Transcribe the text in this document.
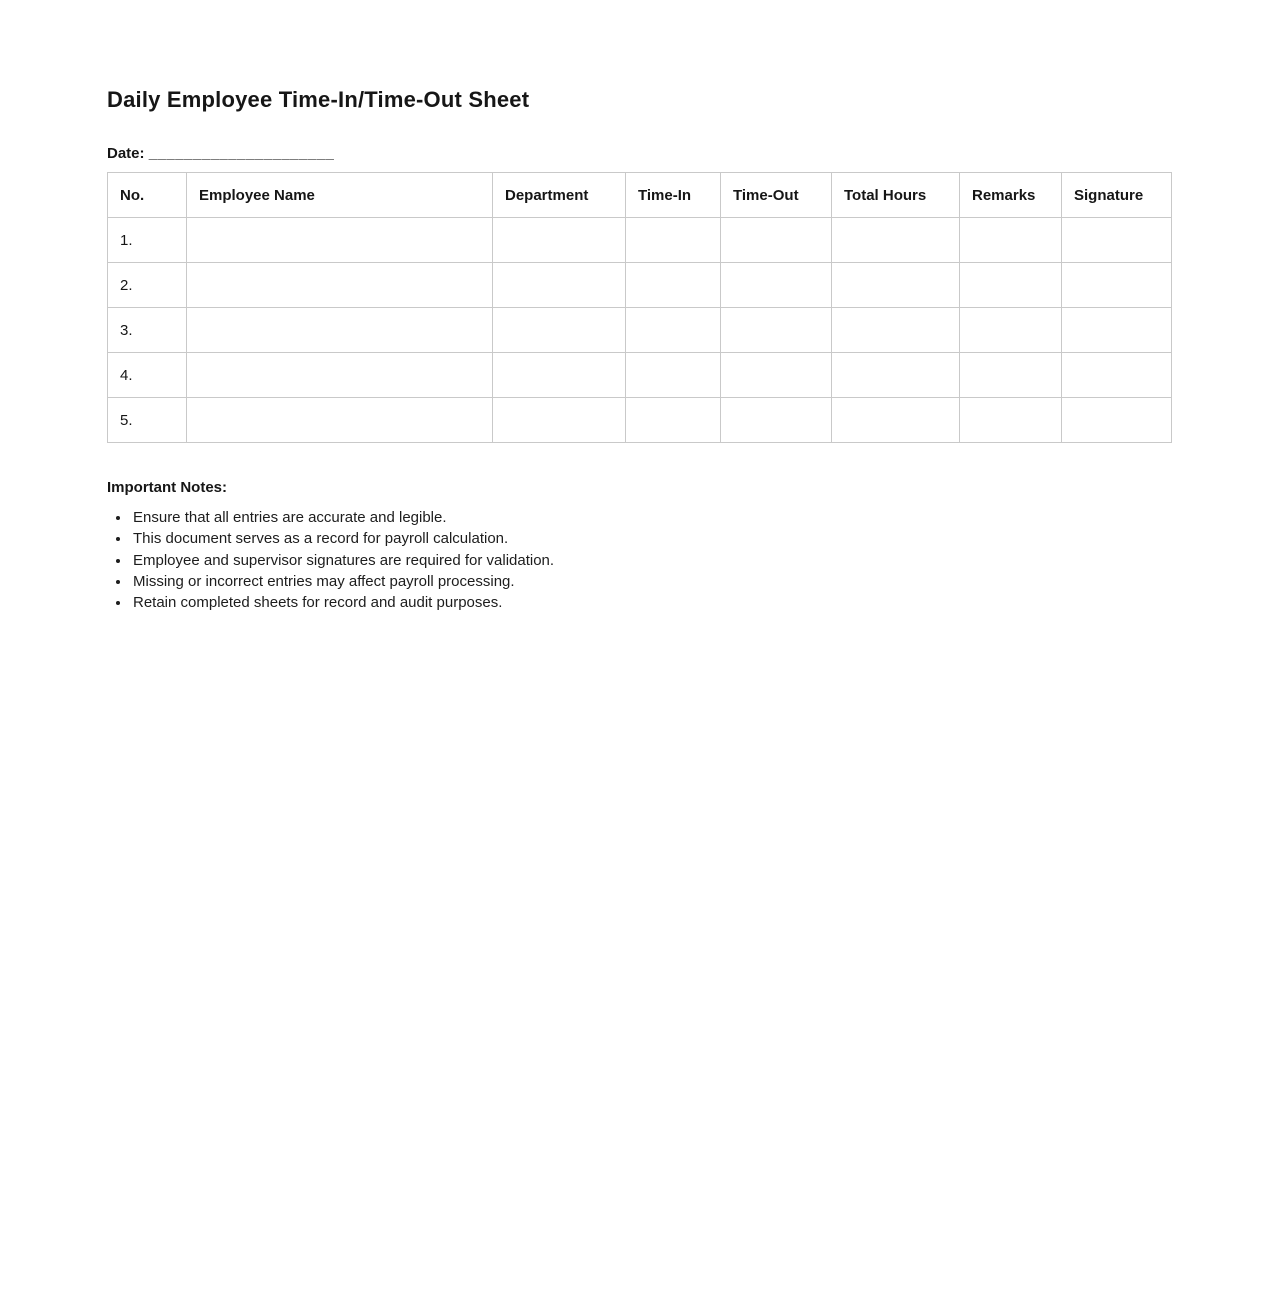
Daily Employee Time-In/Time-Out Sheet

Date: _____________________

No.	Employee Name	Department	Time-In	Time-Out	Total Hours	Remarks	Signature
1.							
2.							
3.							
4.							
5.							

Important Notes:

• Ensure that all entries are accurate and legible.
• This document serves as a record for payroll calculation.
• Employee and supervisor signatures are required for validation.
• Missing or incorrect entries may affect payroll processing.
• Retain completed sheets for record and audit purposes.
